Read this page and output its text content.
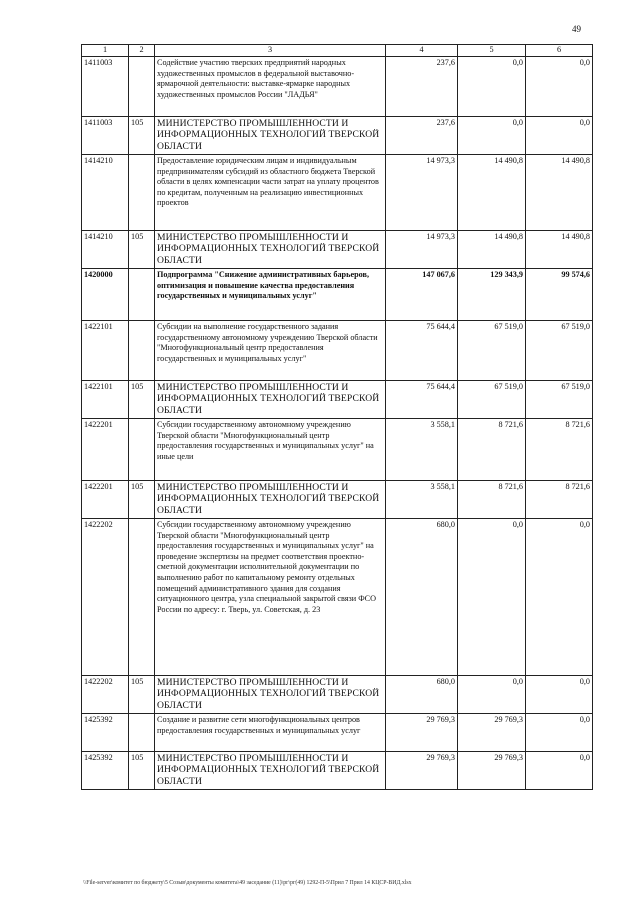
49
1	2	3	4	5	6
1411003		Содействие участию тверских предприятий народных художественных промыслов в федеральной выставочно-ярмарочной деятельности: выставке-ярмарке народных художественных промыслов России "ЛАДЬЯ"	237,6	0,0	0,0
1411003	105	МИНИСТЕРСТВО ПРОМЫШЛЕННОСТИ И ИНФОРМАЦИОННЫХ ТЕХНОЛОГИЙ ТВЕРСКОЙ ОБЛАСТИ	237,6	0,0	0,0
1414210		Предоставление юридическим лицам и индивидуальным предпринимателям субсидий из областного бюджета Тверской области в целях компенсации части затрат на уплату процентов по кредитам, полученным на реализацию инвестиционных проектов	14 973,3	14 490,8	14 490,8
1414210	105	МИНИСТЕРСТВО ПРОМЫШЛЕННОСТИ И ИНФОРМАЦИОННЫХ ТЕХНОЛОГИЙ ТВЕРСКОЙ ОБЛАСТИ	14 973,3	14 490,8	14 490,8
1420000		Подпрограмма "Снижение административных барьеров, оптимизация и повышение качества предоставления государственных и муниципальных услуг"	147 067,6	129 343,9	99 574,6
1422101		Субсидии на выполнение государственного задания государственному автономному учреждению Тверской области "Многофункциональный центр предоставления государственных и муниципальных услуг"	75 644,4	67 519,0	67 519,0
1422101	105	МИНИСТЕРСТВО ПРОМЫШЛЕННОСТИ И ИНФОРМАЦИОННЫХ ТЕХНОЛОГИЙ ТВЕРСКОЙ ОБЛАСТИ	75 644,4	67 519,0	67 519,0
1422201		Субсидии государственному автономному учреждению Тверской области "Многофункциональный центр предоставления государственных и муниципальных услуг" на иные цели	3 558,1	8 721,6	8 721,6
1422201	105	МИНИСТЕРСТВО ПРОМЫШЛЕННОСТИ И ИНФОРМАЦИОННЫХ ТЕХНОЛОГИЙ ТВЕРСКОЙ ОБЛАСТИ	3 558,1	8 721,6	8 721,6
1422202		Субсидии государственному автономному учреждению Тверской области "Многофункциональный центр предоставления государственных и муниципальных услуг" на проведение экспертизы на предмет соответствия проектно-сметной документации исполнительной документации по выполнению работ по капитальному ремонту отдельных помещений административного здания для создания ситуационного центра, узла специальной закрытой связи ФСО России по адресу: г. Тверь, ул. Советская, д. 23	680,0	0,0	0,0
1422202	105	МИНИСТЕРСТВО ПРОМЫШЛЕННОСТИ И ИНФОРМАЦИОННЫХ ТЕХНОЛОГИЙ ТВЕРСКОЙ ОБЛАСТИ	680,0	0,0	0,0
1425392		Создание и развитие сети многофункциональных центров предоставления государственных и муниципальных услуг	29 769,3	29 769,3	0,0
1425392	105	МИНИСТЕРСТВО ПРОМЫШЛЕННОСТИ И ИНФОРМАЦИОННЫХ ТЕХНОЛОГИЙ ТВЕРСКОЙ ОБЛАСТИ	29 769,3	29 769,3	0,0
\\File-server\комитет по бюджету\5 Созыв\документы комитета\49 заседание (11)\рг\рг(49) 1292-П-5\Прил 7 Прил 14 КЦСР-ВИД.xlsx
